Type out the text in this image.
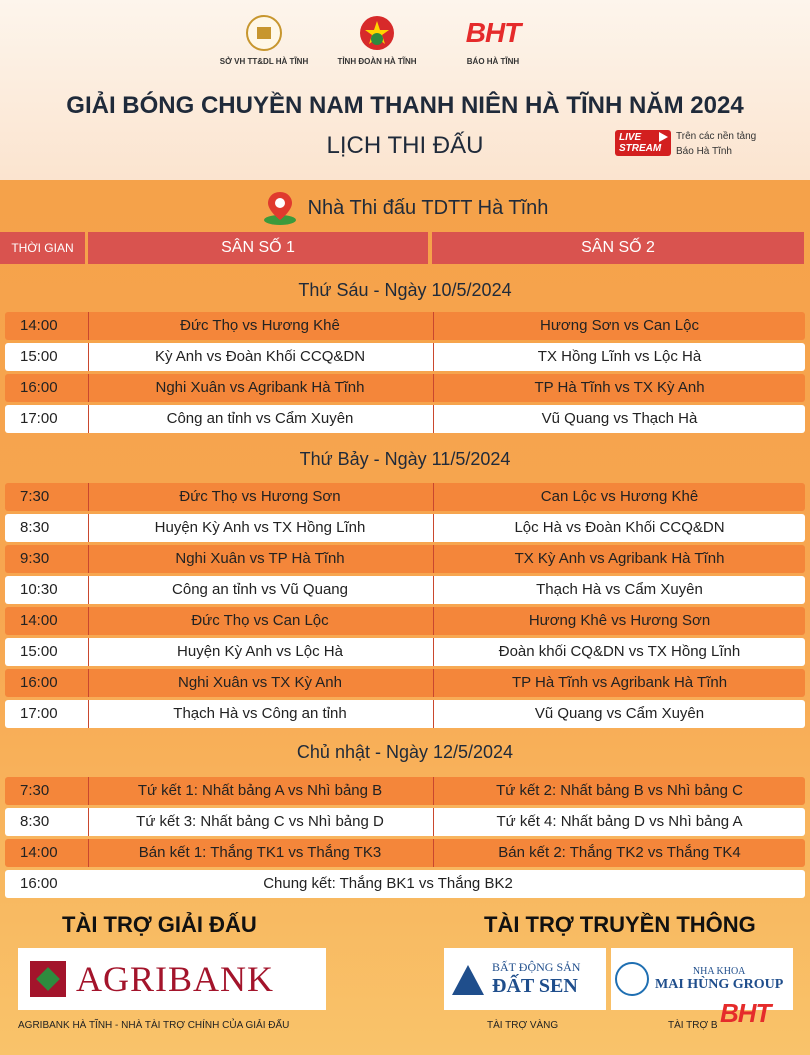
SỞ VH TT&DL HÀ TĨNH	TỈNH ĐOÀN HÀ TĨNH
BHT
BÁO HÀ TĨNH
GIẢI BÓNG CHUYỀN NAM THANH NIÊN HÀ TĨNH NĂM 2024
LỊCH THI ĐẤU	LIVE
STREAM
Trên các nền tảng
Báo Hà Tĩnh
Nhà Thi đấu TDTT Hà Tĩnh
THỜI GIAN	SÂN SỐ 1	SÂN SỐ 2
Thứ Sáu - Ngày 10/5/2024
14:00	Đức Thọ vs Hương Khê	Hương Sơn vs Can Lộc
15:00	Kỳ Anh vs Đoàn Khối CCQ&DN	TX Hồng Lĩnh vs Lộc Hà
16:00	Nghi Xuân vs Agribank Hà Tĩnh	TP Hà Tĩnh vs TX Kỳ Anh
17:00	Công an tỉnh vs Cẩm Xuyên	Vũ Quang vs Thạch Hà
Thứ Bảy - Ngày 11/5/2024
7:30	Đức Thọ vs Hương Sơn	Can Lộc vs Hương Khê
8:30	Huyện Kỳ Anh vs TX Hồng Lĩnh	Lộc Hà vs Đoàn Khối CCQ&DN
9:30	Nghi Xuân vs TP Hà Tĩnh	TX Kỳ Anh vs Agribank Hà Tĩnh
10:30	Công an tỉnh vs Vũ Quang	Thạch Hà vs Cẩm Xuyên
14:00	Đức Thọ vs Can Lộc	Hương Khê vs Hương Sơn
15:00	Huyện Kỳ Anh vs Lộc Hà	Đoàn khối CQ&DN vs TX Hồng Lĩnh
16:00	Nghi Xuân vs TX Kỳ Anh	TP Hà Tĩnh vs Agribank Hà Tĩnh
17:00	Thạch Hà vs Công an tỉnh	Vũ Quang vs Cẩm Xuyên
Chủ nhật - Ngày 12/5/2024
7:30	Tứ kết 1: Nhất bảng A vs Nhì bảng B	Tứ kết 2: Nhất bảng B vs Nhì bảng C
8:30	Tứ kết 3: Nhất bảng C vs Nhì bảng D	Tứ kết 4: Nhất bảng D vs Nhì bảng A
14:00	Bán kết 1: Thắng TK1 vs Thắng TK3	Bán kết 2: Thắng TK2 vs Thắng TK4
16:00	Chung kết: Thắng BK1 vs Thắng BK2
TÀI TRỢ GIẢI ĐẤU	TÀI TRỢ TRUYỀN THÔNG
AGRIBANK
AGRIBANK HÀ TĨNH - NHÀ TÀI TRỢ CHÍNH CỦA GIẢI ĐẤU
BẤT ĐỘNG SẢN
ĐẤT SEN
TÀI TRỢ VÀNG
NHA KHOA
MAI HÙNG GROUP
TÀI TRỢ B BHT
